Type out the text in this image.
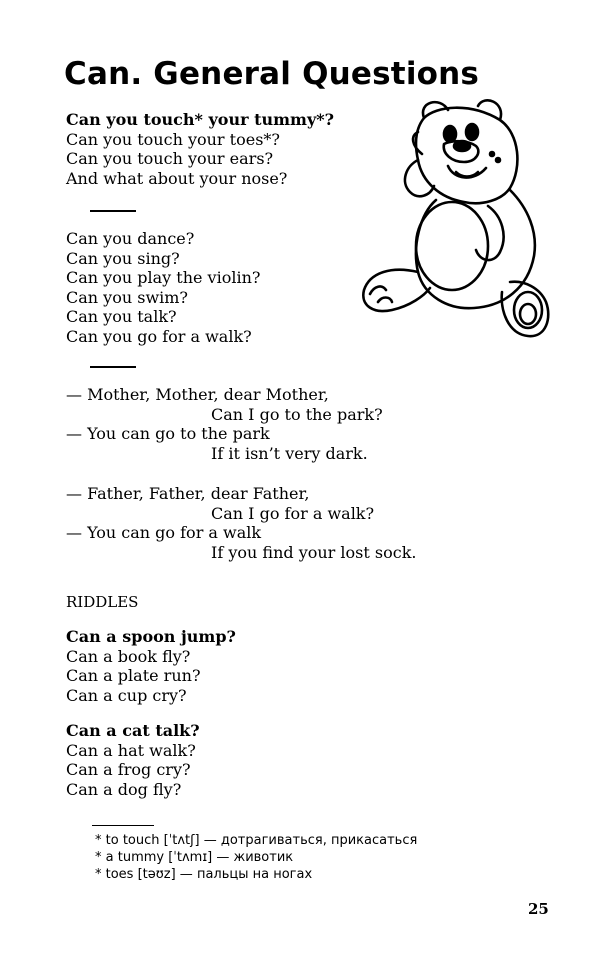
Can. General Questions
Can you touch* your tummy*?
Can you touch your toes*?
Can you touch your ears?
And what about your nose?
Can you dance?
Can you sing?
Can you play the violin?
Can you swim?
Can you talk?
Can you go for a walk?
— Mother, Mother, dear Mother,
Can I go to the park?
— You can go to the park
If it isn’t very dark.
— Father, Father, dear Father,
Can I go for a walk?
— You can go for a walk
If you find your lost sock.
RIDDLES
Can a spoon jump?
Can a book fly?
Can a plate run?
Can a cup cry?
Can a cat talk?
Can a hat walk?
Can a frog cry?
Can a dog fly?
* to touch [ˈtʌtʃ] — дотрагиваться, прикасаться
* a tummy [ˈtʌmɪ] — животик
* toes [təʊz] — пальцы на ногах
25
